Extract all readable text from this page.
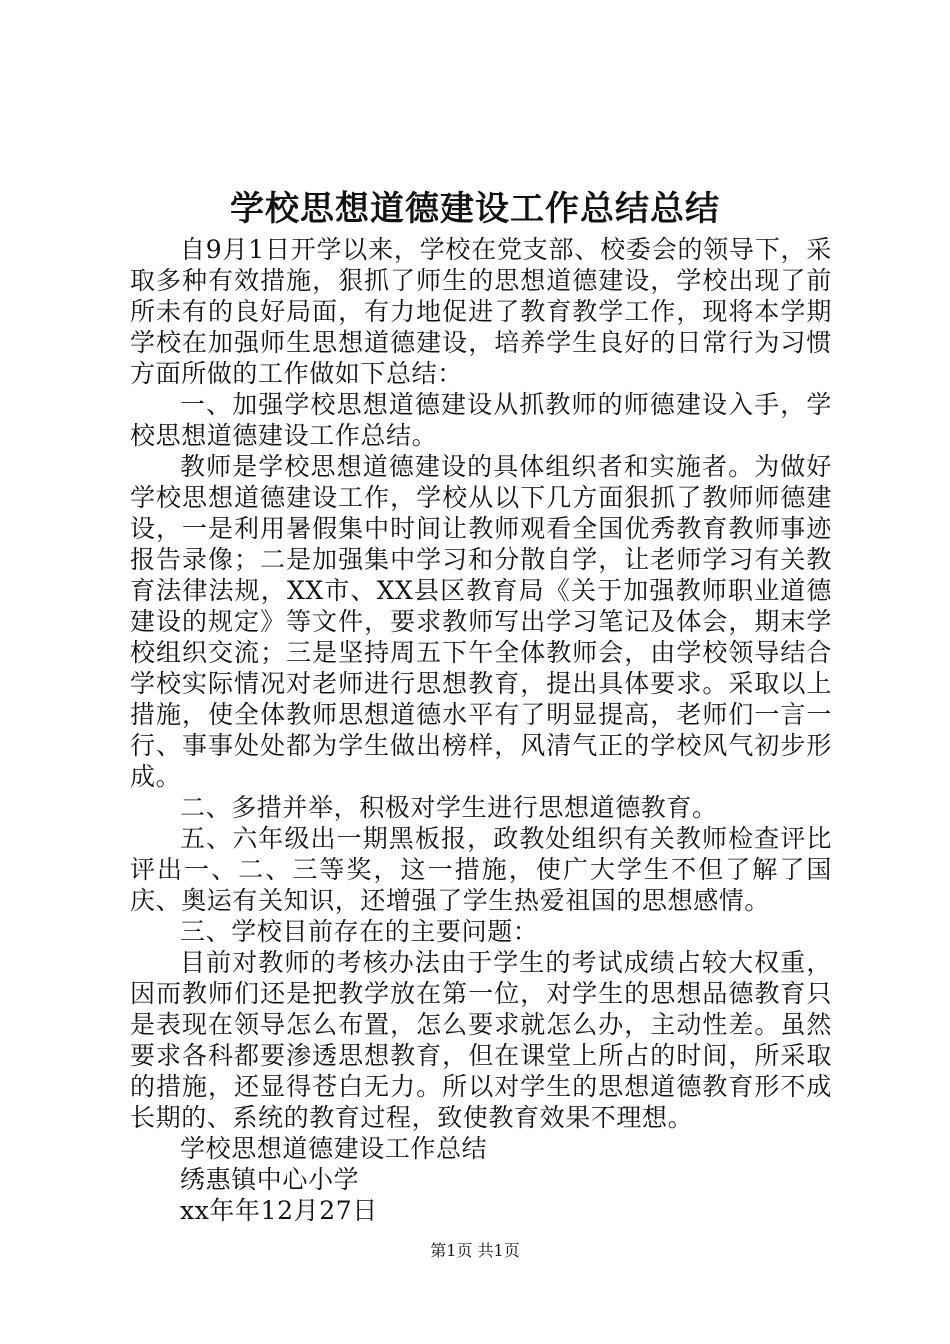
学校思想道德建设工作总结总结

自9月1日开学以来，学校在党支部、校委会的领导下，采取多种有效措施，狠抓了师生的思想道德建设，学校出现了前所未有的良好局面，有力地促进了教育教学工作，现将本学期学校在加强师生思想道德建设，培养学生良好的日常行为习惯方面所做的工作做如下总结：

一、加强学校思想道德建设从抓教师的师德建设入手，学校思想道德建设工作总结。

教师是学校思想道德建设的具体组织者和实施者。为做好学校思想道德建设工作，学校从以下几方面狠抓了教师师德建设，一是利用暑假集中时间让教师观看全国优秀教育教师事迹报告录像；二是加强集中学习和分散自学，让老师学习有关教育法律法规，XX市、XX县区教育局《关于加强教师职业道德建设的规定》等文件，要求教师写出学习笔记及体会，期末学校组织交流；三是坚持周五下午全体教师会，由学校领导结合学校实际情况对老师进行思想教育，提出具体要求。采取以上措施，使全体教师思想道德水平有了明显提高，老师们一言一行、事事处处都为学生做出榜样，风清气正的学校风气初步形成。

二、多措并举，积极对学生进行思想道德教育。

五、六年级出一期黑板报，政教处组织有关教师检查评比评出一、二、三等奖，这一措施，使广大学生不但了解了国庆、奥运有关知识，还增强了学生热爱祖国的思想感情。

三、学校目前存在的主要问题：

目前对教师的考核办法由于学生的考试成绩占较大权重，因而教师们还是把教学放在第一位，对学生的思想品德教育只是表现在领导怎么布置，怎么要求就怎么办，主动性差。虽然要求各科都要渗透思想教育，但在课堂上所占的时间，所采取的措施，还显得苍白无力。所以对学生的思想道德教育形不成长期的、系统的教育过程，致使教育效果不理想。

学校思想道德建设工作总结

绣惠镇中心小学

xx年年12月27日

第1页 共1页
